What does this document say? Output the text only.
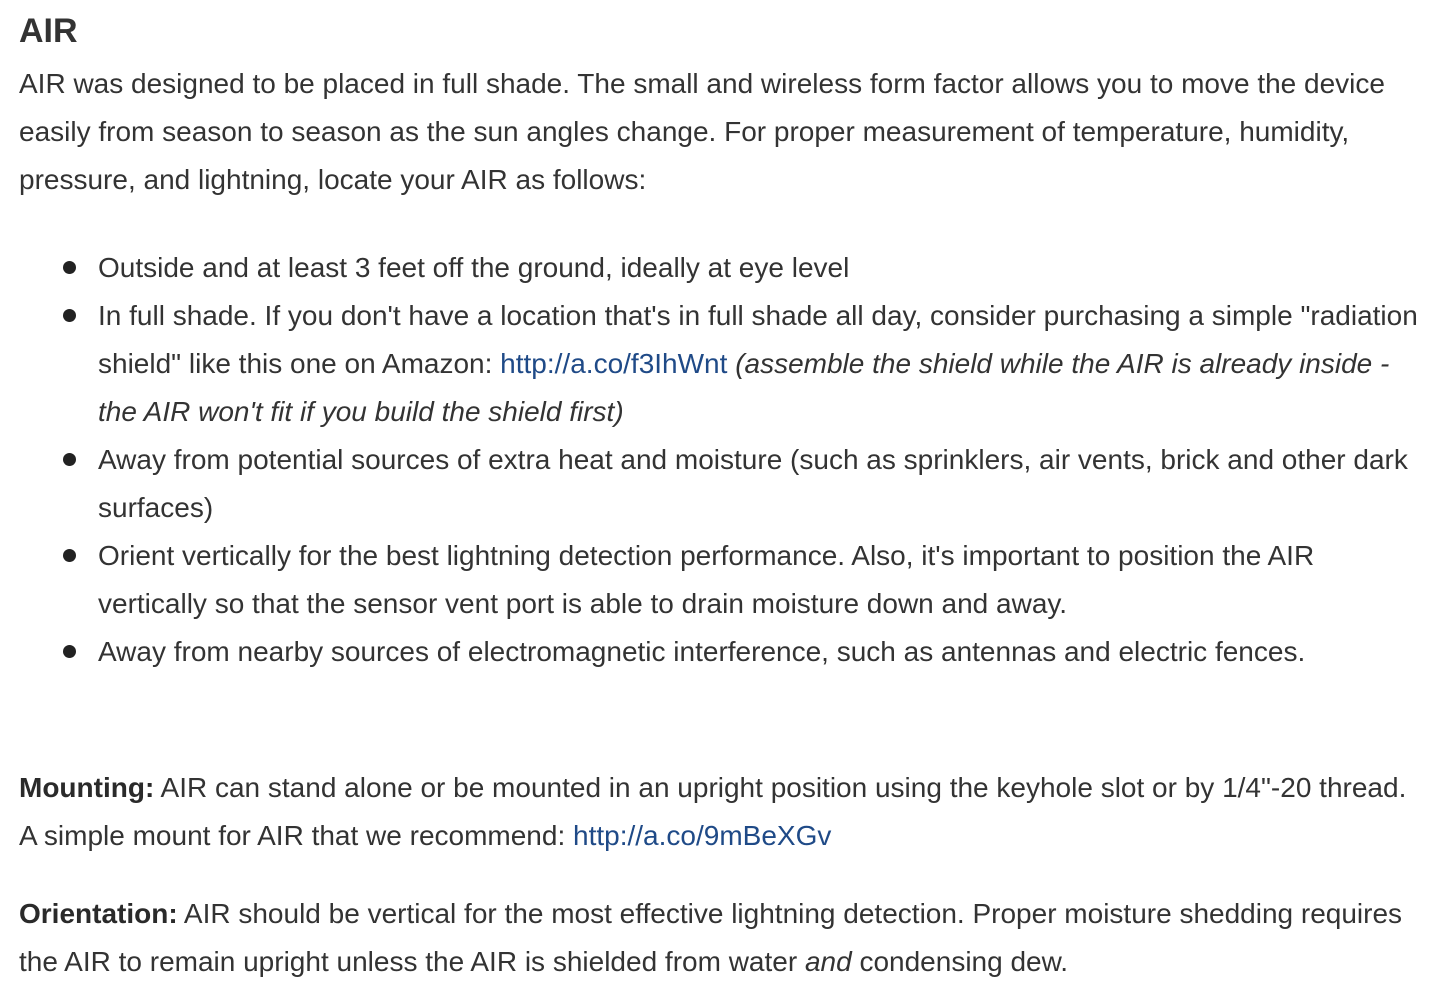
AIR

AIR was designed to be placed in full shade. The small and wireless form factor allows you to move the device easily from season to season as the sun angles change. For proper measurement of temperature, humidity, pressure, and lightning, locate your AIR as follows:

Outside and at least 3 feet off the ground, ideally at eye level
In full shade. If you don't have a location that's in full shade all day, consider purchasing a simple "radiation shield" like this one on Amazon: http://a.co/f3IhWnt (assemble the shield while the AIR is already inside - the AIR won't fit if you build the shield first)
Away from potential sources of extra heat and moisture (such as sprinklers, air vents, brick and other dark surfaces)
Orient vertically for the best lightning detection performance. Also, it's important to position the AIR vertically so that the sensor vent port is able to drain moisture down and away.
Away from nearby sources of electromagnetic interference, such as antennas and electric fences.

Mounting: AIR can stand alone or be mounted in an upright position using the keyhole slot or by 1/4"-20 thread. A simple mount for AIR that we recommend: http://a.co/9mBeXGv

Orientation: AIR should be vertical for the most effective lightning detection. Proper moisture shedding requires the AIR to remain upright unless the AIR is shielded from water and condensing dew.
